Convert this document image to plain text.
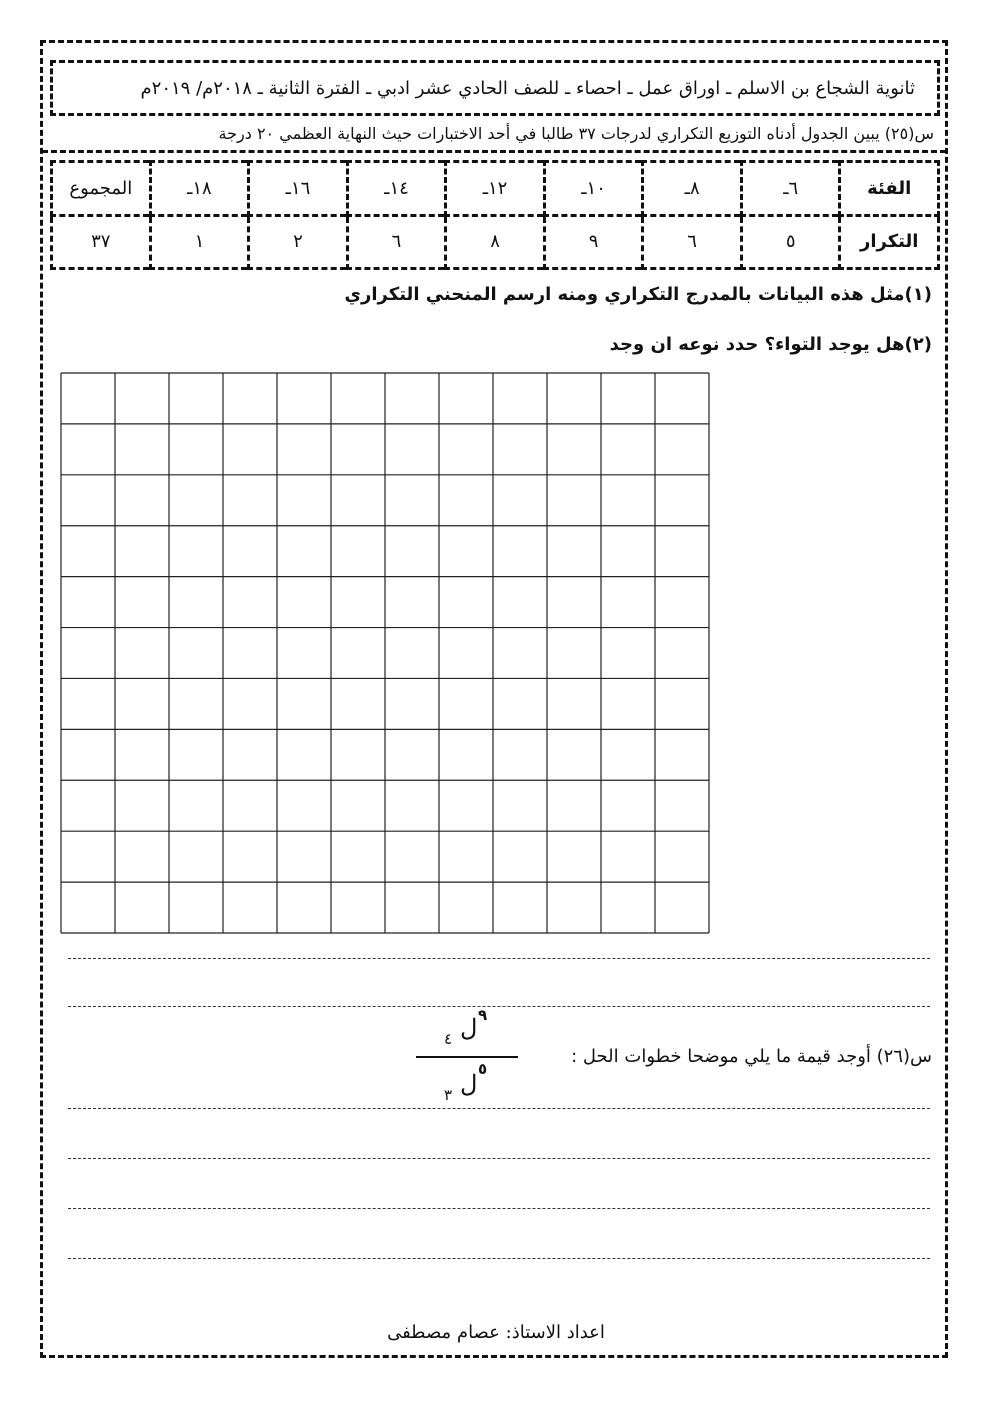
ثانوية الشجاع بن الاسلم ـ اوراق عمل ـ احصاء ـ للصف الحادي عشر ادبي ـ الفترة الثانية ـ ٢٠١٨م/ ٢٠١٩م
س(٢٥) يبين الجدول أدناه التوزيع التكراري لدرجات ٣٧ طالبا في أحد الاختبارات حيث النهاية العظمي ٢٠ درجة
الفئة	٦ـ	٨ـ	١٠ـ	١٢ـ	١٤ـ	١٦ـ	١٨ـ	المجموع
التكرار	٥	٦	٩	٨	٦	٢	١	٣٧
(١)مثل هذه البيانات بالمدرج التكراري ومنه ارسم المنحني التكراري
(٢)هل يوجد التواء؟ حدد نوعه ان وجد
س(٢٦) أوجد قيمة ما يلي موضحا خطوات الحل :
٩
ل
٤
٥
ل
٣
اعداد الاستاذ: عصام مصطفى
